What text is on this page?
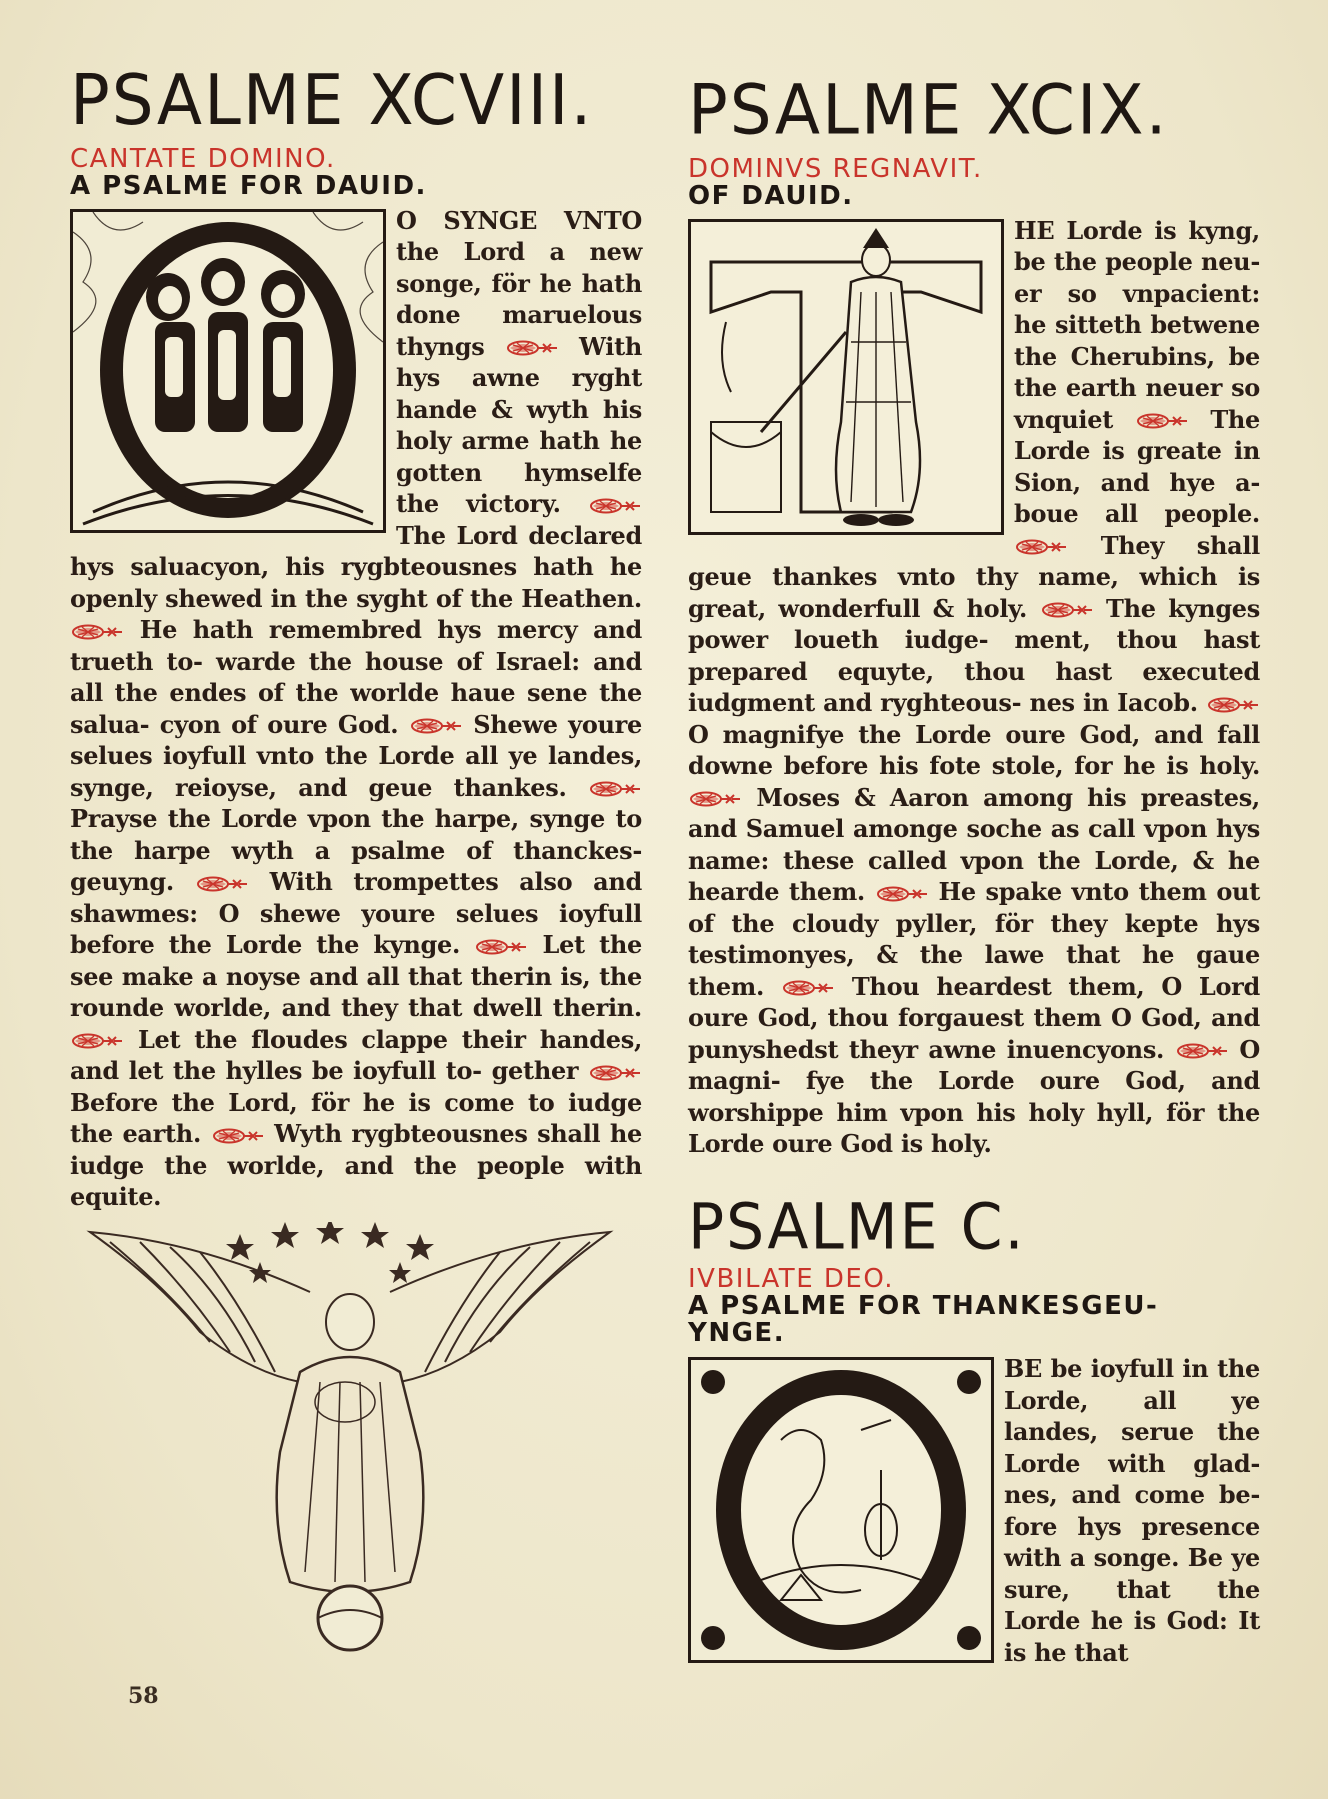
PSALME XCVIII.
CANTATE DOMINO.
A PSALME FOR DAUID.

O SYNGE VNTO the Lord a new songe, för he hath done maruelous thyngs	With hys awne ryght hande & wyth his holy arme hath he gotten hymselfe the victory.  The Lord declared hys saluacyon, his rygbteousnes hath he openly shewed in the syght of the Heathen.  He hath remembred hys mercy and trueth to- warde the house of Israel: and all the endes of the worlde haue sene the salua- cyon of oure God.	Shewe youre selues ioyfull vnto the Lorde all ye landes, synge, reioyse, and geue thankes.  Prayse the Lorde vpon the harpe, synge to the harpe wyth a psalme of thanckes- geuyng.	With trompettes also and shawmes: O shewe youre selues ioyfull before the Lorde the kynge.	Let the see make a noyse and all that therin is, the rounde worlde, and they that dwell therin.  Let the floudes clappe their handes, and let the hylles be ioyfull to- gether  Before the Lord, för he is come to iudge the earth.	Wyth rygbteousnes shall he iudge the worlde, and the people with equite.

58
PSALME XCIX.
DOMINVS REGNAVIT.
OF DAUID.

HE Lorde is kyng, be the people neu- er so vnpacient: he sitteth betwene the Cherubins, be the earth neuer so vnquiet	The Lorde is greate in Sion, and hye a- boue all people.  They shall geue thankes vnto thy name, which is great, wonderfull & holy.	The kynges power loueth iudge- ment, thou hast prepared equyte, thou hast executed iudgment and ryghteous- nes in Iacob.  O magnifye the Lorde oure God, and fall downe before his fote stole, for he is holy.  Moses & Aaron among his preastes, and Samuel amonge soche as call vpon hys name: these called vpon the Lorde, & he hearde them.	He spake vnto them out of the cloudy pyller, för they kepte hys testimonyes, & the lawe that he gaue them.	Thou heardest them, O Lord oure God, thou forgauest them O God, and punyshedst theyr awne inuencyons.	O magni- fye the Lorde oure God, and worshippe him vpon his holy hyll, för the Lorde oure God is holy.

PSALME C.
IVBILATE DEO.
A PSALME FOR THANKESGEU-
YNGE.

BE be ioyfull in the Lorde, all ye landes, serue the Lorde with glad- nes, and come be- fore hys presence with a songe. Be ye sure, that the Lorde he is God: It is he that
